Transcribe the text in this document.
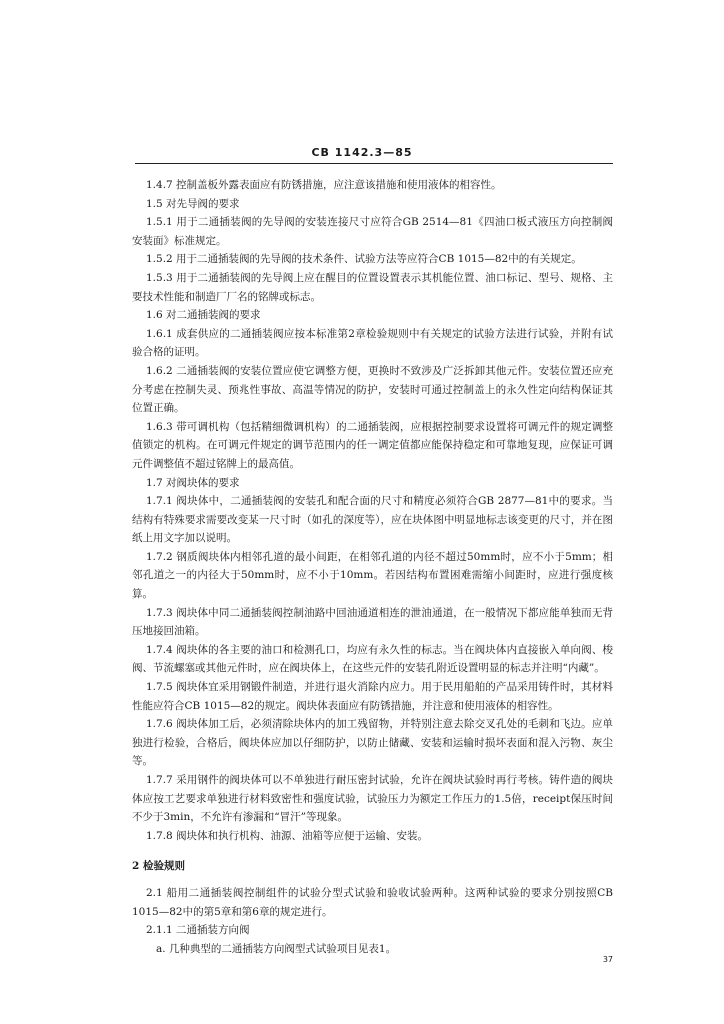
CB 1142.3—85

1.4.7 控制盖板外露表面应有防锈措施，应注意该措施和使用液体的相容性。

1.5 对先导阀的要求

1.5.1 用于二通插装阀的先导阀的安装连接尺寸应符合GB 2514—81《四油口板式液压方向控制阀安装面》标准规定。

1.5.2 用于二通插装阀的先导阀的技术条件、试验方法等应符合CB 1015—82中的有关规定。

1.5.3 用于二通插装阀的先导阀上应在醒目的位置设置表示其机能位置、油口标记、型号、规格、主要技术性能和制造厂厂名的铭牌或标志。

1.6 对二通插装阀的要求

1.6.1 成套供应的二通插装阀应按本标准第2章检验规则中有关规定的试验方法进行试验，并附有试验合格的证明。

1.6.2 二通插装阀的安装位置应使它调整方便，更换时不致涉及广泛拆卸其他元件。安装位置还应充分考虑在控制失灵、预兆性事故、高温等情况的防护，安装时可通过控制盖上的永久性定向结构保证其位置正确。

1.6.3 带可调机构（包括精细微调机构）的二通插装阀，应根据控制要求设置将可调元件的规定调整值锁定的机构。在可调元件规定的调节范围内的任一调定值都应能保持稳定和可靠地复现，应保证可调元件调整值不超过铭牌上的最高值。

1.7 对阀块体的要求

1.7.1 阀块体中，二通插装阀的安装孔和配合面的尺寸和精度必须符合GB 2877—81中的要求。当结构有特殊要求需要改变某一尺寸时（如孔的深度等），应在块体图中明显地标志该变更的尺寸，并在图纸上用文字加以说明。

1.7.2 钢质阀块体内相邻孔道的最小间距，在相邻孔道的内径不超过50mm时，应不小于5mm；相邻孔道之一的内径大于50mm时，应不小于10mm。若因结构布置困难需缩小间距时，应进行强度核算。

1.7.3 阀块体中同二通插装阀控制油路中回油通道相连的泄油通道，在一般情况下都应能单独而无背压地接回油箱。

1.7.4 阀块体的各主要的油口和检测孔口，均应有永久性的标志。当在阀块体内直接嵌入单向阀、梭阀、节流螺塞或其他元件时，应在阀块体上，在这些元件的安装孔附近设置明显的标志并注明“内藏”。

1.7.5 阀块体宜采用钢锻件制造，并进行退火消除内应力。用于民用船舶的产品采用铸件时，其材料性能应符合CB 1015—82的规定。阀块体表面应有防锈措施，并注意和使用液体的相容性。

1.7.6 阀块体加工后，必须清除块体内的加工残留物，并特别注意去除交叉孔处的毛刺和飞边。应单独进行检验，合格后，阀块体应加以仔细防护，以防止储藏、安装和运输时损坏表面和混入污物、灰尘等。

1.7.7 采用钢件的阀块体可以不单独进行耐压密封试验，允许在阀块试验时再行考核。铸件造的阀块体应按工艺要求单独进行材料致密性和强度试验，试验压力为额定工作压力的1.5倍，receipt保压时间不少于3min，不允许有渗漏和“冒汗”等现象。

1.7.8 阀块体和执行机构、油源、油箱等应便于运输、安装。

2 检验规则

2.1 船用二通插装阀控制组件的试验分型式试验和验收试验两种。这两种试验的要求分别按照CB 1015—82中的第5章和第6章的规定进行。

2.1.1 二通插装方向阀

a. 几种典型的二通插装方向阀型式试验项目见表1。

37
